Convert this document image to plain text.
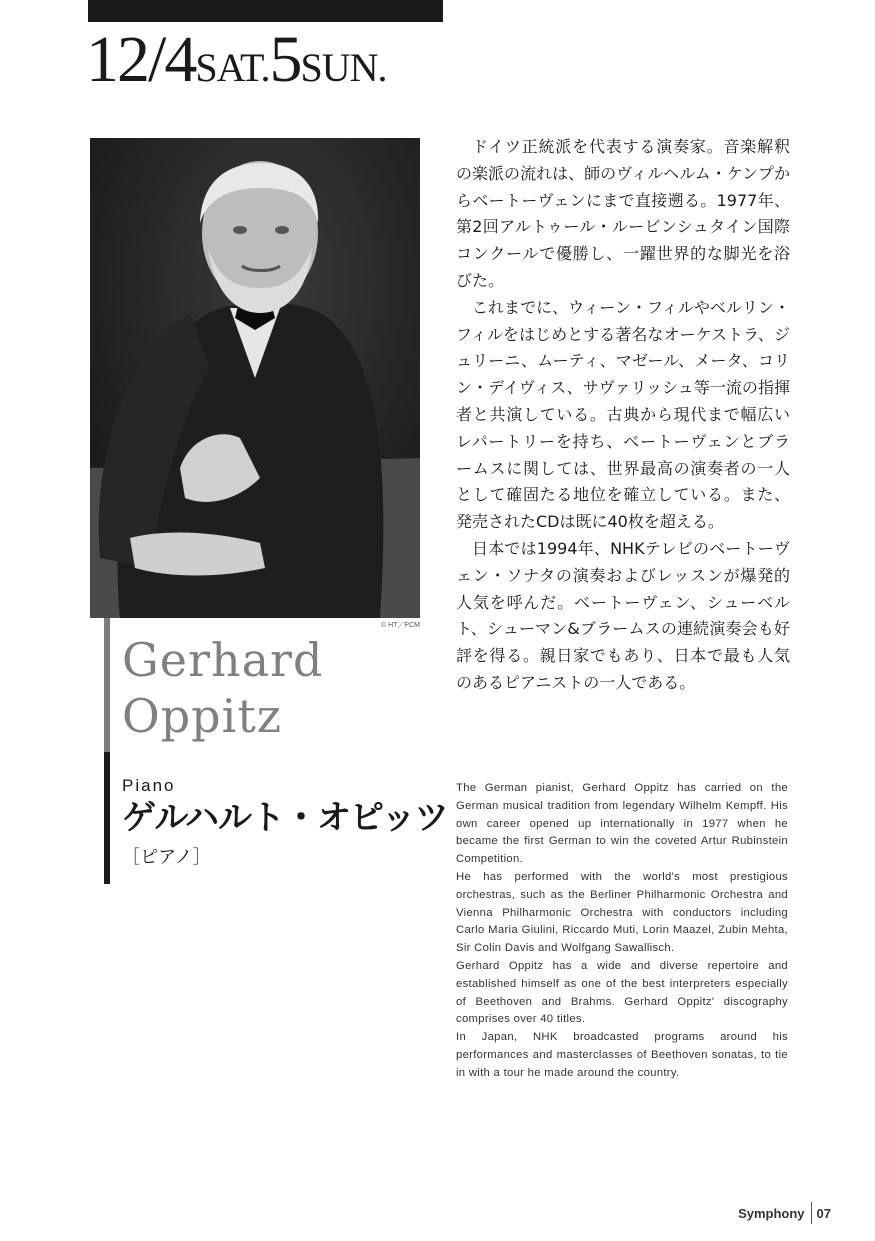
12/4SAT.5SUN.
© HT／PCM
Gerhard
Oppitz
Piano
ゲルハルト・オピッツ
［ピアノ］

ドイツ正統派を代表する演奏家。音楽解釈の楽派の流れは、師のヴィルヘルム・ケンプからベートーヴェンにまで直接遡る。1977年、第2回アルトゥール・ルービンシュタイン国際コンクールで優勝し、一躍世界的な脚光を浴びた。

これまでに、ウィーン・フィルやベルリン・フィルをはじめとする著名なオーケストラ、ジュリーニ、ムーティ、マゼール、メータ、コリン・デイヴィス、サヴァリッシュ等一流の指揮者と共演している。古典から現代まで幅広いレパートリーを持ち、ベートーヴェンとブラームスに関しては、世界最高の演奏者の一人として確固たる地位を確立している。また、発売されたCDは既に40枚を超える。

日本では1994年、NHKテレビのベートーヴェン・ソナタの演奏およびレッスンが爆発的人気を呼んだ。ベートーヴェン、シューベルト、シューマン&ブラームスの連続演奏会も好評を得る。親日家でもあり、日本で最も人気のあるピアニストの一人である。

The German pianist, Gerhard Oppitz has carried on the German musical tradition from legendary Wilhelm Kempff. His own career opened up internationally in 1977 when he became the first German to win the coveted Artur Rubinstein Competition.

He has performed with the world's most prestigious orchestras, such as the Berliner Philharmonic Orchestra and Vienna Philharmonic Orchestra with conductors including Carlo Maria Giulini, Riccardo Muti, Lorin Maazel, Zubin Mehta, Sir Colin Davis and Wolfgang Sawallisch.

Gerhard Oppitz has a wide and diverse repertoire and established himself as one of the best interpreters especially of Beethoven and Brahms. Gerhard Oppitz' discography comprises over 40 titles.

In Japan, NHK broadcasted programs around his performances and masterclasses of Beethoven sonatas, to tie in with a tour he made around the country.

Symphony 07
